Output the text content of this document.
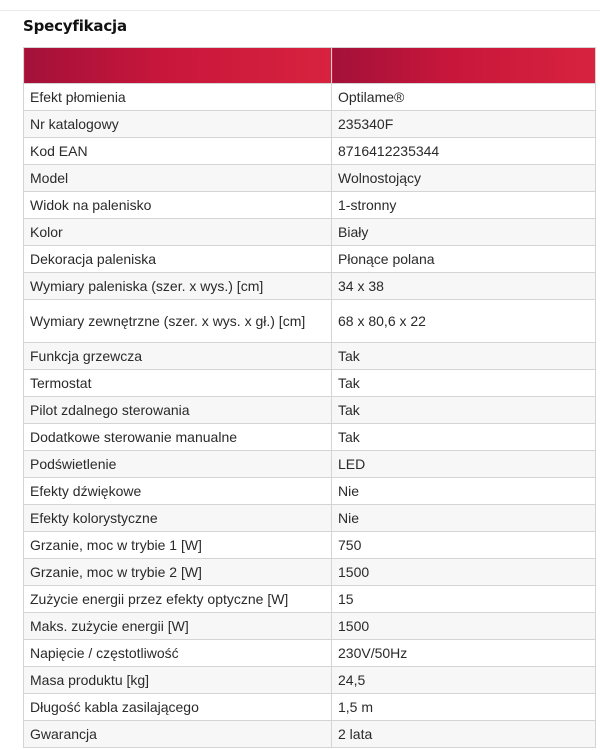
Specyfikacja

Efekt płomienia	Optilame®
Nr katalogowy	235340F
Kod EAN	8716412235344
Model	Wolnostojący
Widok na palenisko	1-stronny
Kolor	Biały
Dekoracja paleniska	Płonące polana
Wymiary paleniska (szer. x wys.) [cm]	34 x 38
Wymiary zewnętrzne (szer. x wys. x gł.) [cm]	68 x 80,6 x 22
Funkcja grzewcza	Tak
Termostat	Tak
Pilot zdalnego sterowania	Tak
Dodatkowe sterowanie manualne	Tak
Podświetlenie	LED
Efekty dźwiękowe	Nie
Efekty kolorystyczne	Nie
Grzanie, moc w trybie 1 [W]	750
Grzanie, moc w trybie 2 [W]	1500
Zużycie energii przez efekty optyczne [W]	15
Maks. zużycie energii [W]	1500
Napięcie / częstotliwość	230V/50Hz
Masa produktu [kg]	24,5
Długość kabla zasilającego	1,5 m
Gwarancja	2 lata
